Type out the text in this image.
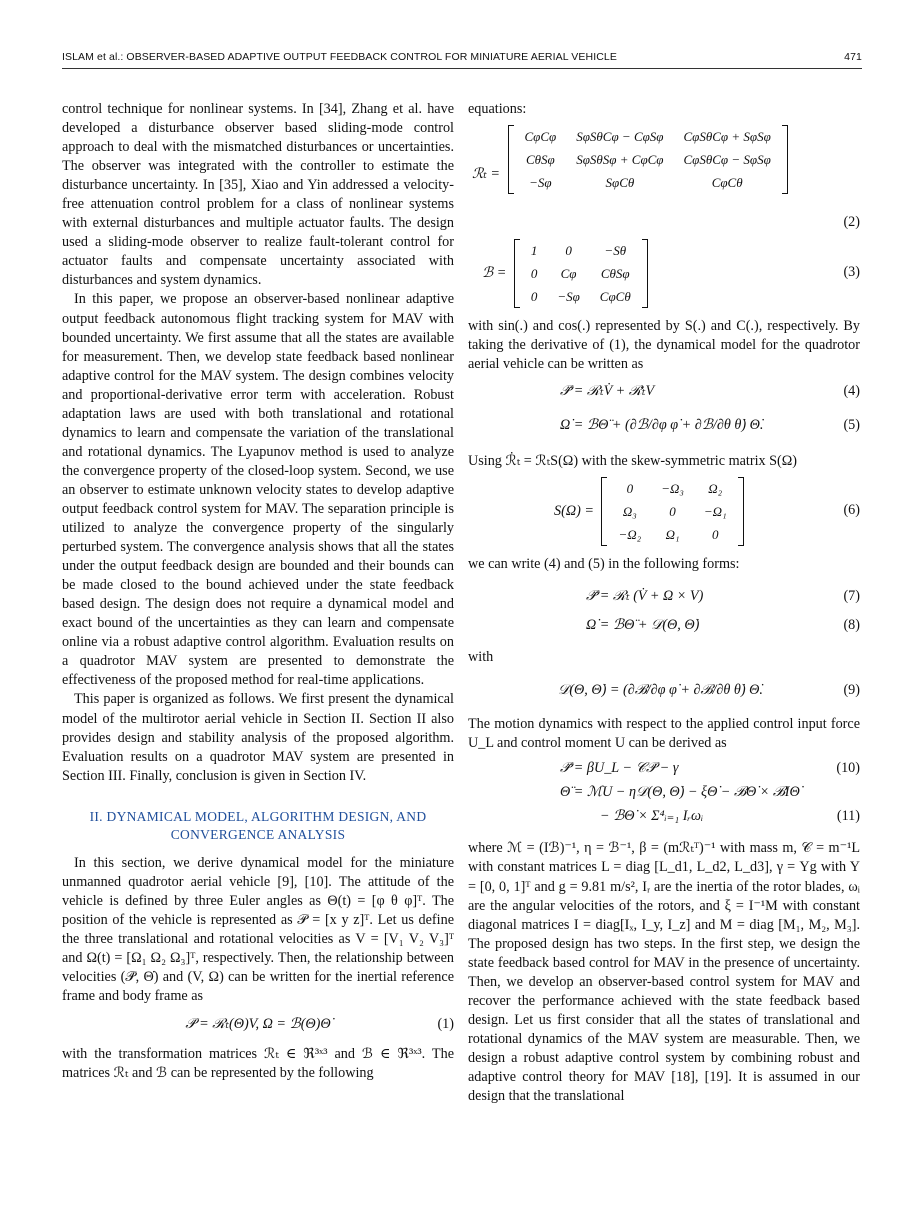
ISLAM et al.: OBSERVER-BASED ADAPTIVE OUTPUT FEEDBACK CONTROL FOR MINIATURE AERIAL VEHICLE	471

control technique for nonlinear systems. In [34], Zhang et al. have developed a disturbance observer based sliding-mode control approach to deal with the mismatched disturbances or uncertainties. The observer was integrated with the controller to estimate the disturbance uncertainty. In [35], Xiao and Yin addressed a velocity-free attenuation control problem for a class of nonlinear systems with external disturbances and multiple actuator faults. The design used a sliding-mode observer to realize fault-tolerant control for actuator faults and compensate uncertainty associated with disturbances and system dynamics.

In this paper, we propose an observer-based nonlinear adaptive output feedback autonomous flight tracking system for MAV with bounded uncertainty. We first assume that all the states are available for measurement. Then, we develop state feedback based nonlinear adaptive control for the MAV system. The design combines velocity and proportional-derivative error term with acceleration. Robust adaptation laws are used with both translational and rotational dynamics to learn and compensate the variation of the translational and rotational dynamics. The Lyapunov method is used to analyze the convergence property of the closed-loop system. Second, we use an observer to estimate unknown velocity states to develop adaptive output feedback control system for MAV. The separation principle is utilized to analyze the convergence property of the singularly perturbed system. The convergence analysis shows that all the states under the output feedback design are bounded and their bounds can be made closed to the bound achieved under the state feedback based design. The design does not require a dynamical model and exact bound of the uncertainties as they can learn and compensate online via a robust adaptive control algorithm. Evaluation results on a quadrotor MAV system are presented to demonstrate the effectiveness of the proposed method for real-time applications.

This paper is organized as follows. We first present the dynamical model of the multirotor aerial vehicle in Section II. Section II also provides design and stability analysis of the proposed algorithm. Evaluation results on a quadrotor MAV system are presented in Section III. Finally, conclusion is given in Section IV.

II. DYNAMICAL MODEL, ALGORITHM DESIGN, AND
CONVERGENCE ANALYSIS

In this section, we derive dynamical model for the miniature unmanned quadrotor aerial vehicle [9], [10]. The attitude of the vehicle is defined by three Euler angles as Θ(t) = [φ θ φ]ᵀ. The position of the vehicle is represented as 𝒫 = [x y z]ᵀ. Let us define the three translational and rotational velocities as V = [V₁ V₂ V₃]ᵀ and Ω(t) = [Ω₁ Ω₂ Ω₃]ᵀ, respectively. Then, the relationship between velocities (𝒫̇, Θ̇) and (V, Ω) can be written for the inertial reference frame and body frame as

𝒫̇ = ℛₜ(Θ)V, Ω = ℬ(Θ)Θ̇	(1)

with the transformation matrices ℛₜ ∈ ℜ³ˣ³ and ℬ ∈ ℜ³ˣ³. The matrices ℛₜ and ℬ can be represented by the following

equations:

ℛₜ =
CφCφ	SφSθCφ − CφSφ	CφSθCφ + SφSφ
CθSφ	SφSθSφ + CφCφ	CφSθCφ − SφSφ
−Sφ	SφCθ	CφCθ
(2)
ℬ =
1	0	−Sθ
0	Cφ	CθSφ
0	−Sφ	CφCθ
(3)

with sin(.) and cos(.) represented by S(.) and C(.), respectively. By taking the derivative of (1), the dynamical model for the quadrotor aerial vehicle can be written as

𝒫̈ = ℛₜV̇ + ℛ̇ₜV	(4)
Ω̇ = ℬΘ̈ + (∂ℬ/∂φ φ̇ + ∂ℬ/∂θ θ̇) Θ̇.	(5)

Using ℛ̇ₜ = ℛₜS(Ω) with the skew-symmetric matrix S(Ω)

S(Ω) =
0	−Ω₃	Ω₂
Ω₃	0	−Ω₁
−Ω₂	Ω₁	0
(6)

we can write (4) and (5) in the following forms:

𝒫̈ = ℛₜ (V̇ + Ω × V)	(7)
Ω̇ = ℬΘ̈ + 𝒟(Θ, Θ̇)	(8)

with

𝒟(Θ, Θ̇) = (∂ℬ/∂φ φ̇ + ∂ℬ/∂θ θ̇) Θ̇.	(9)

The motion dynamics with respect to the applied control input force U_L and control moment U can be derived as

𝒫̈ = βU_L − 𝒞𝒫̇ − γ	(10)
Θ̈ = ℳU − η𝒟(Θ, Θ̇) − ξΘ̇ − ℬΘ̇ × ℬIΘ̇
− ℬΘ̇ × Σ⁴ᵢ₌₁ Iᵣωᵢ	(11)

where ℳ = (Iℬ)⁻¹, η = ℬ⁻¹, β = (mℛₜᵀ)⁻¹ with mass m, 𝒞 = m⁻¹L with constant matrices L = diag [L_d1, L_d2, L_d3], γ = Yg with Y = [0, 0, 1]ᵀ and g = 9.81 m/s², Iᵣ are the inertia of the rotor blades, ωᵢ are the angular velocities of the rotors, and ξ = I⁻¹M with constant diagonal matrices I = diag[Iₓ, I_y, I_z] and M = diag [M₁, M₂, M₃]. The proposed design has two steps. In the first step, we design the state feedback based control for MAV in the presence of uncertainty. Then, we develop an observer-based control system for MAV and recover the performance achieved with the state feedback based design. Let us first consider that all the states of translational and rotational dynamics of the MAV system are measurable. Then, we design a robust adaptive control system by combining robust and adaptive control theory for MAV [18], [19]. It is assumed in our design that the translational
